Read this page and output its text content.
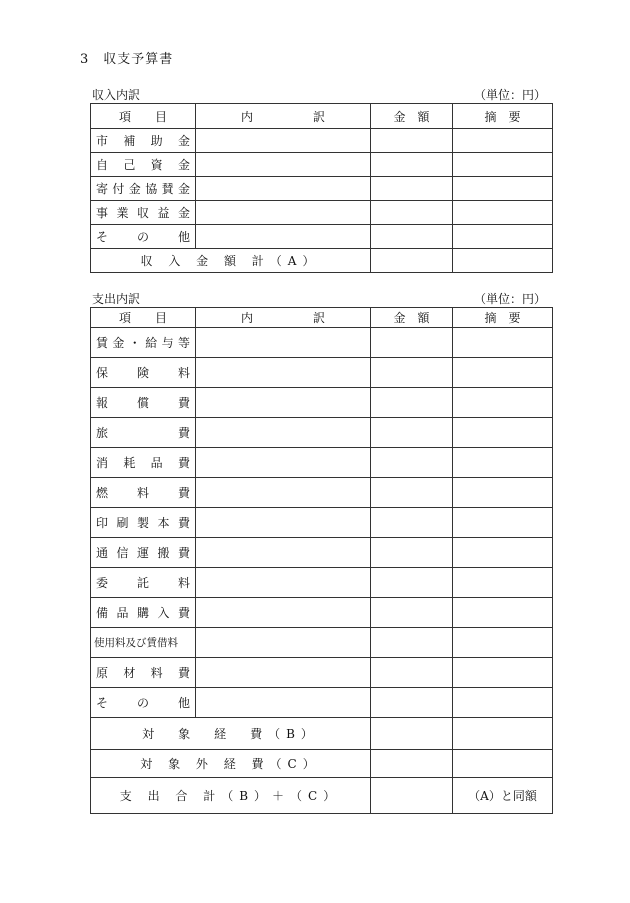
3　収支予算書
収入内訳	（単位：円）
項　　目	内　　　　　訳	金　額	摘　要
市補助金			
自己資金			
寄付金協賛金			
事業収益金			
その他			
収 入 金 額 計（A）			
支出内訳	（単位：円）
項　　目	内　　　　　訳	金　額	摘　要
賃金・給与等			
保険料			
報償費			
旅費			
消耗品費			
燃料費			
印刷製本費			
通信運搬費			
委託料			
備品購入費			
使用料及び賃借料			
原材料費			
その他			
対　象　経　費（B）			
対 象 外 経 費（C）			
支 出 合 計（B）＋（C）			（A）と同額
